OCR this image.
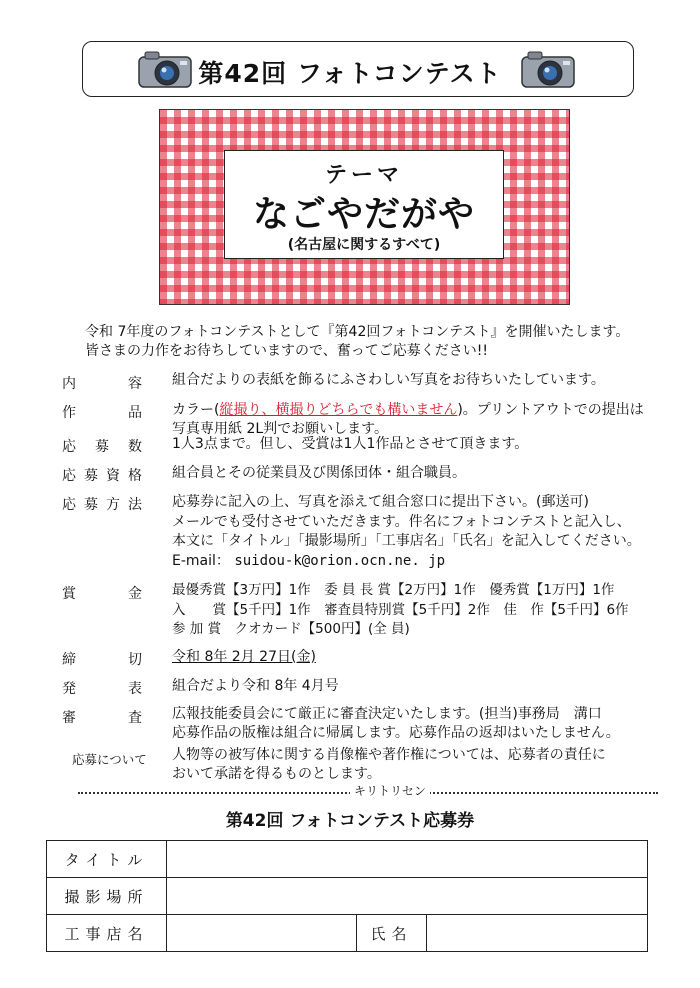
第42回 フォトコンテスト
テーマ
なごやだがや
(名古屋に関するすべて)
令和 7年度のフォトコンテストとして『第42回フォトコンテスト』を開催いたします。
皆さまの力作をお待ちしていますので、奮ってご応募ください!!
内容 組合だよりの表紙を飾るにふさわしい写真をお待ちいたしています。
作品 カラー(縦撮り、横撮りどちらでも構いません)。プリントアウトでの提出は
写真専用紙 2L判でお願いします。
応募数 1人3点まで。但し、受賞は1人1作品とさせて頂きます。
応募資格 組合員とその従業員及び関係団体・組合職員。
応募方法 応募券に記入の上、写真を添えて組合窓口に提出下さい。(郵送可)
メールでも受付させていただきます。件名にフォトコンテストと記入し、
本文に「タイトル」「撮影場所」「工事店名」「氏名」を記入してください。
E-mail： suidou-k@orion.ocn.ne. jp
賞金 最優秀賞【3万円】1作　委 員 長 賞【2万円】1作　優秀賞【1万円】1作
入　　賞【5千円】1作　審査員特別賞【5千円】2作　佳　作【5千円】6作
参 加 賞　クオカード【500円】(全 員)
締切 令和 8年 2月 27日(金)
発表 組合だより令和 8年 4月号
審査 広報技能委員会にて厳正に審査決定いたします。(担当)事務局　溝口
応募作品の版権は組合に帰属します。応募作品の返却はいたしません。
応募について 人物等の被写体に関する肖像権や著作権については、応募者の責任に
おいて承諾を得るものとします。
キリトリセン
第42回 フォトコンテスト応募券
タイトル			
撮影場所			
工事店名		氏名	
